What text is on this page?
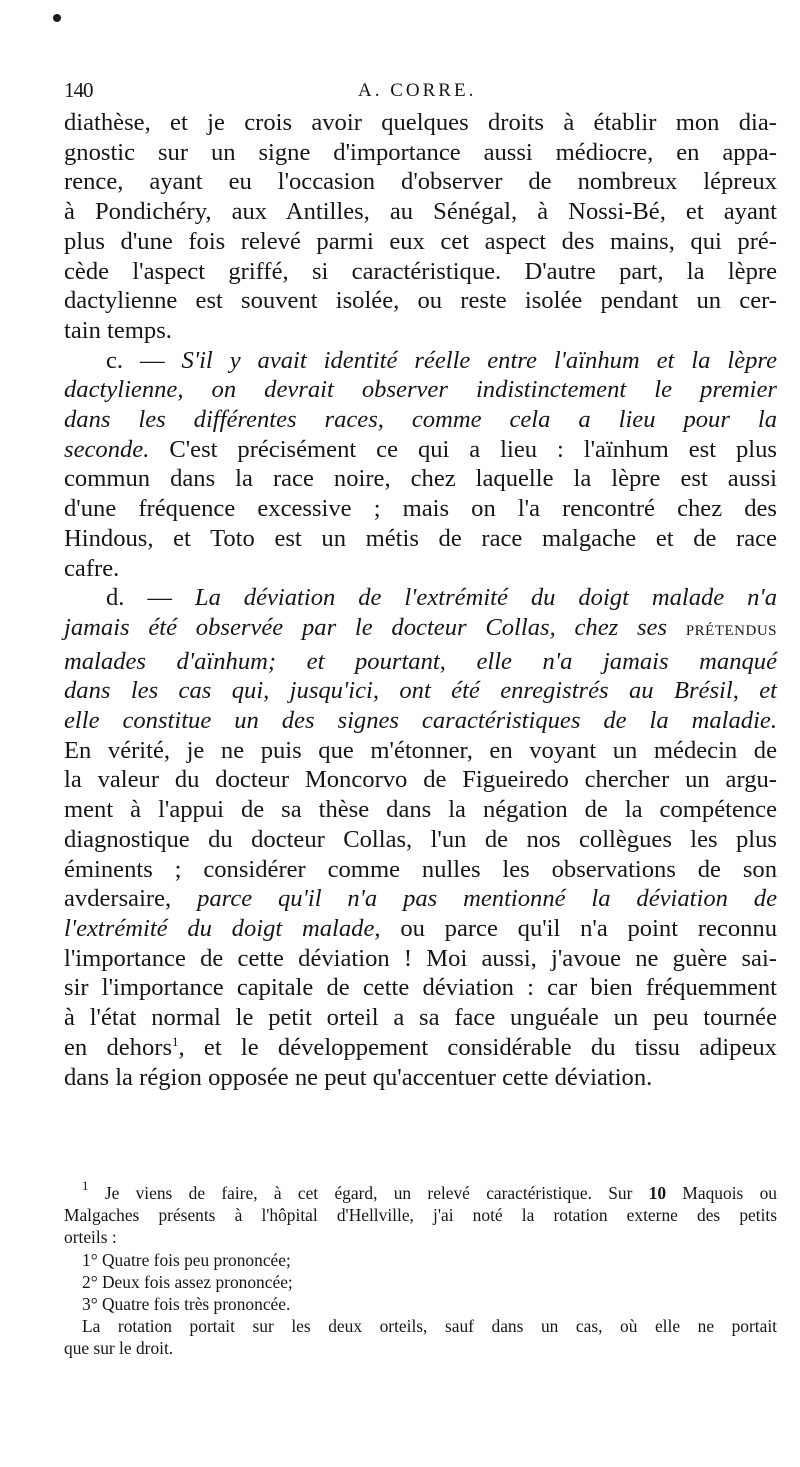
140	A. CORRE.
diathèse, et je crois avoir quelques droits à établir mon dia-
gnostic sur un signe d'importance aussi médiocre, en appa-
rence, ayant eu l'occasion d'observer de nombreux lépreux
à Pondichéry, aux Antilles, au Sénégal, à Nossi-Bé, et ayant
plus d'une fois relevé parmi eux cet aspect des mains, qui pré-
cède l'aspect griffé, si caractéristique. D'autre part, la lèpre
dactylienne est souvent isolée, ou reste isolée pendant un cer-
tain temps.
c. — S'il y avait identité réelle entre l'aïnhum et la lèpre
dactylienne, on devrait observer indistinctement le premier
dans les différentes races, comme cela a lieu pour la
seconde. C'est précisément ce qui a lieu : l'aïnhum est plus
commun dans la race noire, chez laquelle la lèpre est aussi
d'une fréquence excessive ; mais on l'a rencontré chez des
Hindous, et Toto est un métis de race malgache et de race
cafre.
d. — La déviation de l'extrémité du doigt malade n'a
jamais été observée par le docteur Collas, chez ses PRÉTENDUS
malades d'aïnhum; et pourtant, elle n'a jamais manqué
dans les cas qui, jusqu'ici, ont été enregistrés au Brésil, et
elle constitue un des signes caractéristiques de la maladie.
En vérité, je ne puis que m'étonner, en voyant un médecin de
la valeur du docteur Moncorvo de Figueiredo chercher un argu-
ment à l'appui de sa thèse dans la négation de la compétence
diagnostique du docteur Collas, l'un de nos collègues les plus
éminents ; considérer comme nulles les observations de son
avdersaire, parce qu'il n'a pas mentionné la déviation de
l'extrémité du doigt malade, ou parce qu'il n'a point reconnu
l'importance de cette déviation ! Moi aussi, j'avoue ne guère sai-
sir l'importance capitale de cette déviation : car bien fréquemment
à l'état normal le petit orteil a sa face unguéale un peu tournée
en dehors$^1$, et le développement considérable du tissu adipeux
dans la région opposée ne peut qu'accentuer cette déviation.
$^1$ Je viens de faire, à cet égard, un relevé caractéristique. Sur 10 Maquois ou
Malgaches présents à l'hôpital d'Hellville, j'ai noté la rotation externe des petits
orteils :
1° Quatre fois peu prononcée;
2° Deux fois assez prononcée;
3° Quatre fois très prononcée.
La rotation portait sur les deux orteils, sauf dans un cas, où elle ne portait
que sur le droit.
